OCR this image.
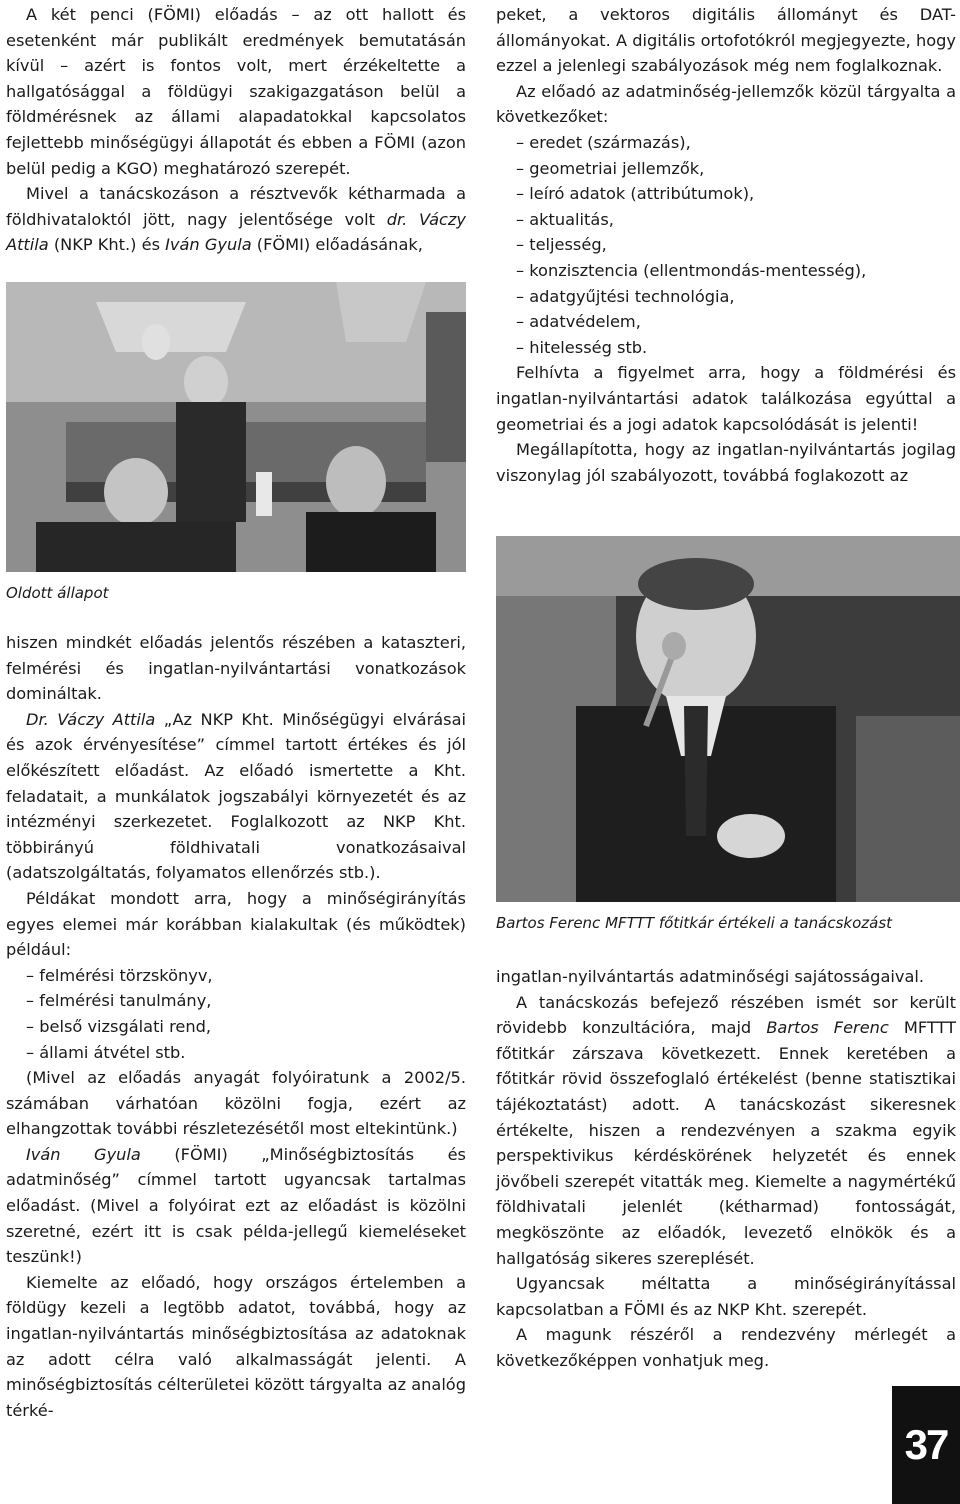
A két penci (FÖMI) előadás – az ott hallott és esetenként már publikált eredmények bemutatásán kívül – azért is fontos volt, mert érzékeltette a hallgatósággal a földügyi szakigazgatáson belül a földmérésnek az állami alapadatokkal kapcsolatos fejlettebb minőségügyi állapotát és ebben a FÖMI (azon belül pedig a KGO) meghatározó szerepét.

Mivel a tanácskozáson a résztvevők kétharmada a földhivataloktól jött, nagy jelentősége volt dr. Váczy Attila (NKP Kht.) és Iván Gyula (FÖMI) előadásának,

Oldott állapot

hiszen mindkét előadás jelentős részében a kataszteri, felmérési és ingatlan-nyilvántartási vonatkozások domináltak.

Dr. Váczy Attila „Az NKP Kht. Minőségügyi elvárásai és azok érvényesítése” címmel tartott értékes és jól előkészített előadást. Az előadó ismertette a Kht. feladatait, a munkálatok jogszabályi környezetét és az intézményi szerkezetet. Foglalkozott az NKP Kht. többirányú földhivatali vonatkozásaival (adatszolgáltatás, folyamatos ellenőrzés stb.).

Példákat mondott arra, hogy a minőségirányítás egyes elemei már korábban kialakultak (és működtek) például:

– felmérési törzskönyv,

– felmérési tanulmány,

– belső vizsgálati rend,

– állami átvétel stb.

(Mivel az előadás anyagát folyóiratunk a 2002/5. számában várhatóan közölni fogja, ezért az elhangzottak további részletezésétől most eltekintünk.)

Iván Gyula (FÖMI) „Minőségbiztosítás és adatminőség” címmel tartott ugyancsak tartalmas előadást. (Mivel a folyóirat ezt az előadást is közölni szeretné, ezért itt is csak példa-jellegű kiemeléseket teszünk!)

Kiemelte az előadó, hogy országos értelemben a földügy kezeli a legtöbb adatot, továbbá, hogy az ingatlan-nyilvántartás minőségbiztosítása az adatoknak az adott célra való alkalmasságát jelenti. A minőségbiztosítás célterületei között tárgyalta az analóg térké-

peket, a vektoros digitális állományt és DAT-állományokat. A digitális ortofotókról megjegyezte, hogy ezzel a jelenlegi szabályozások még nem foglalkoznak.

Az előadó az adatminőség-jellemzők közül tárgyalta a következőket:

– eredet (származás),

– geometriai jellemzők,

– leíró adatok (attribútumok),

– aktualitás,

– teljesség,

– konzisztencia (ellentmondás-mentesség),

– adatgyűjtési technológia,

– adatvédelem,

– hitelesség stb.

Felhívta a figyelmet arra, hogy a földmérési és ingatlan-nyilvántartási adatok találkozása egyúttal a geometriai és a jogi adatok kapcsolódását is jelenti!

Megállapította, hogy az ingatlan-nyilvántartás jogilag viszonylag jól szabályozott, továbbá foglakozott az

Bartos Ferenc MFTTT főtitkár értékeli a tanácskozást

ingatlan-nyilvántartás adatminőségi sajátosságaival.

A tanácskozás befejező részében ismét sor került rövidebb konzultációra, majd Bartos Ferenc MFTTT főtitkár zárszava következett. Ennek keretében a főtitkár rövid összefoglaló értékelést (benne statisztikai tájékoztatást) adott. A tanácskozást sikeresnek értékelte, hiszen a rendezvényen a szakma egyik perspektivikus kérdéskörének helyzetét és ennek jövőbeli szerepét vitatták meg. Kiemelte a nagymértékű földhivatali jelenlét (kétharmad) fontosságát, megköszönte az előadók, levezető elnökök és a hallgatóság sikeres szereplését.

Ugyancsak méltatta a minőségirányítással kapcsolatban a FÖMI és az NKP Kht. szerepét.

A magunk részéről a rendezvény mérlegét a következőképpen vonhatjuk meg.

37
